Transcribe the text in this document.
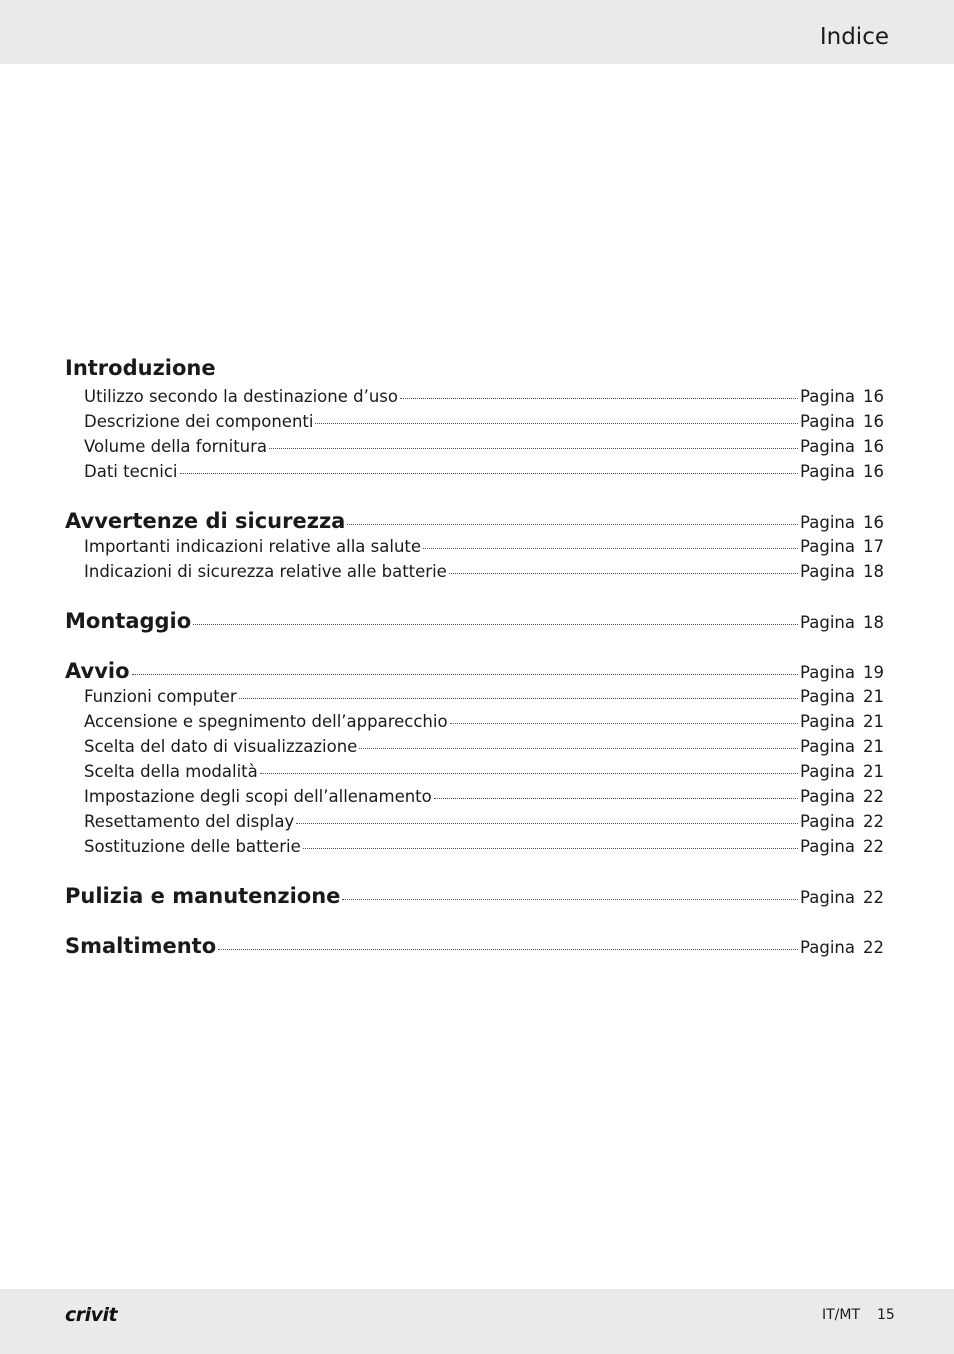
Indice
Introduzione
Utilizzo secondo la destinazione d’uso	Pagina 16
Descrizione dei componenti	Pagina 16
Volume della fornitura	Pagina 16
Dati tecnici	Pagina 16
Avvertenze di sicurezza	Pagina 16
Importanti indicazioni relative alla salute	Pagina 17
Indicazioni di sicurezza relative alle batterie	Pagina 18
Montaggio	Pagina 18
Avvio	Pagina 19
Funzioni computer	Pagina 21
Accensione e spegnimento dell’apparecchio	Pagina 21
Scelta del dato di visualizzazione	Pagina 21
Scelta della modalità	Pagina 21
Impostazione degli scopi dell’allenamento	Pagina 22
Resettamento del display	Pagina 22
Sostituzione delle batterie	Pagina 22
Pulizia e manutenzione	Pagina 22
Smaltimento	Pagina 22
crivit	IT/MT 15
